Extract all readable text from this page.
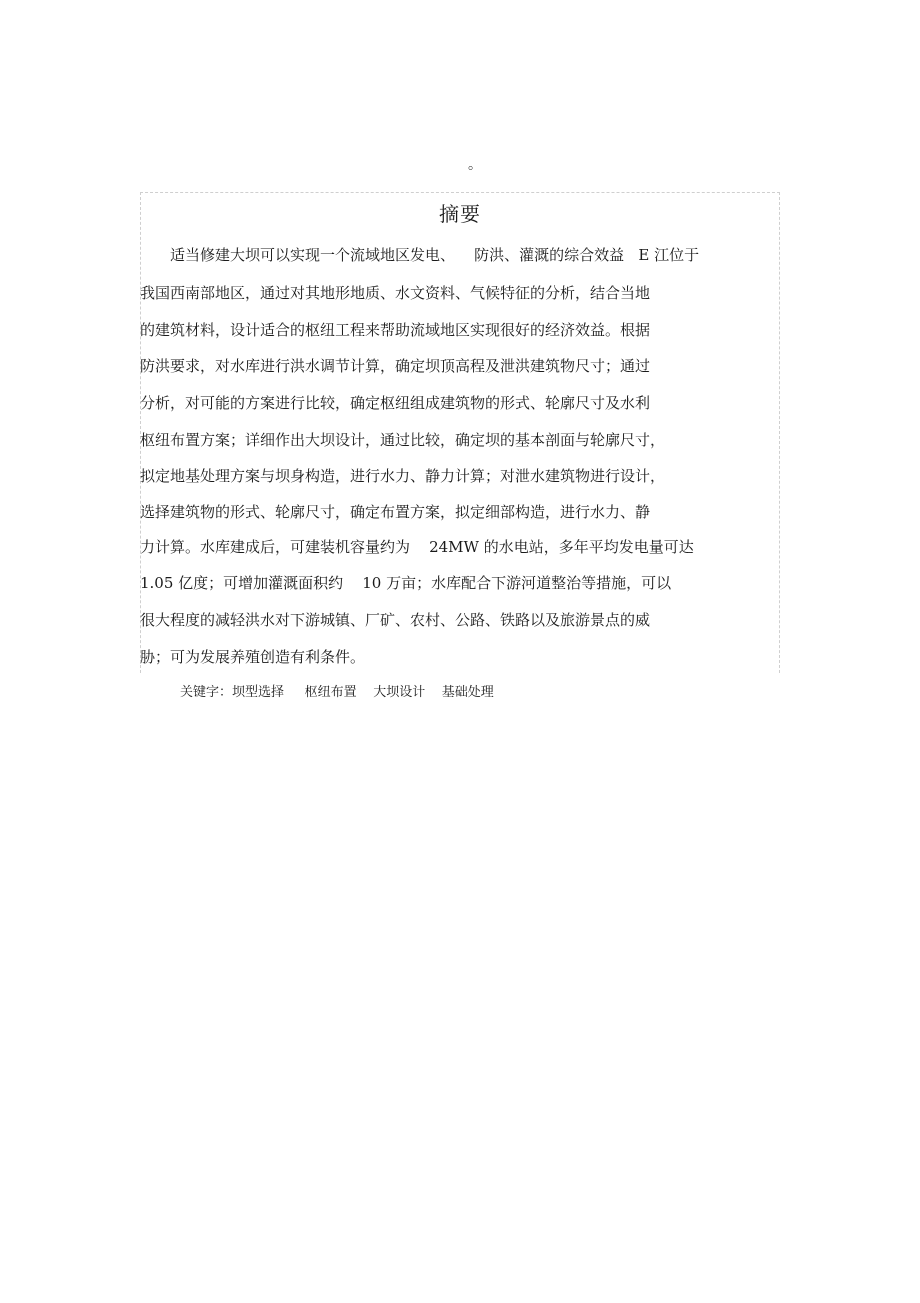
。
摘要
适当修建大坝可以实现一个流域地区发电、    防洪、灌溉的综合效益   E 江位于
我国西南部地区，通过对其地形地质、水文资料、气候特征的分析，结合当地
的建筑材料，设计适合的枢纽工程来帮助流域地区实现很好的经济效益。根据
防洪要求，对水库进行洪水调节计算，确定坝顶高程及泄洪建筑物尺寸；通过
分析，对可能的方案进行比较，确定枢纽组成建筑物的形式、轮廓尺寸及水利
枢纽布置方案；详细作出大坝设计，通过比较，确定坝的基本剖面与轮廓尺寸，
拟定地基处理方案与坝身构造，进行水力、静力计算；对泄水建筑物进行设计，
选择建筑物的形式、轮廓尺寸，确定布置方案，拟定细部构造，进行水力、静
力计算。水库建成后，可建装机容量约为    24MW 的水电站，多年平均发电量可达
1.05 亿度；可增加灌溉面积约    10 万亩；水库配合下游河道整治等措施，可以
很大程度的减轻洪水对下游城镇、厂矿、农村、公路、铁路以及旅游景点的威
胁；可为发展养殖创造有利条件。
关键字：坝型选择     枢纽布置    大坝设计    基础处理
